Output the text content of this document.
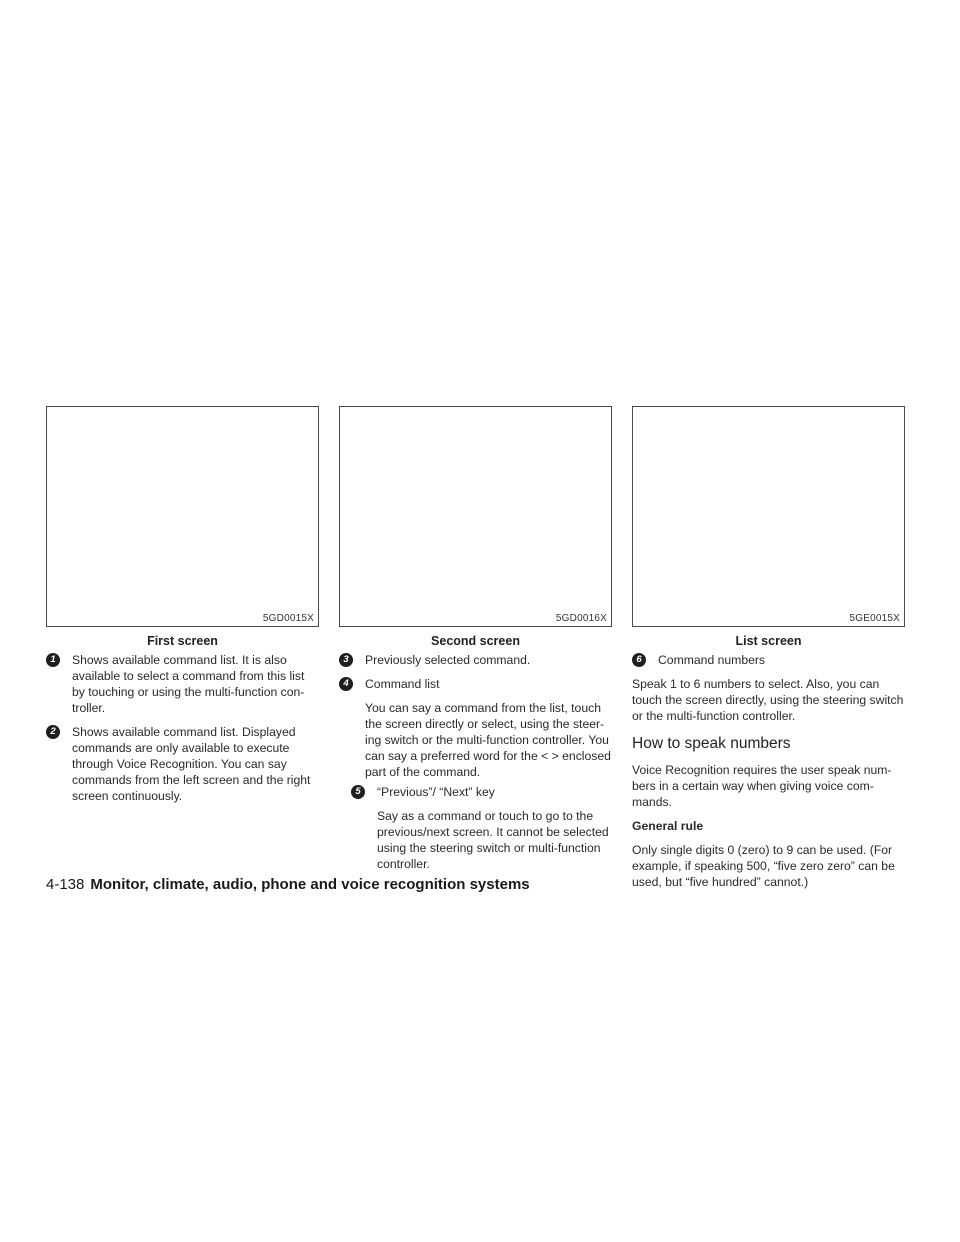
5GD0015X
First screen
1	Shows available command list. It is also available to select a command from this list by touching or using the multi-function con-troller.
2	Shows available command list. Displayed commands are only available to execute through Voice Recognition. You can say commands from the left screen and the right screen continuously.
5GD0016X
Second screen
3	Previously selected command.
4	Command list
You can say a command from the list, touch the screen directly or select, using the steer-ing switch or the multi-function controller. You can say a preferred word for the < > enclosed part of the command.
5	“Previous”/ “Next” key
Say as a command or touch to go to the previous/next screen. It cannot be selected using the steering switch or multi-function controller.
5GE0015X
List screen
6	Command numbers
Speak 1 to 6 numbers to select. Also, you can touch the screen directly, using the steering switch or the multi-function controller.
How to speak numbers
Voice Recognition requires the user speak num-bers in a certain way when giving voice com-mands.
General rule
Only single digits 0 (zero) to 9 can be used. (For example, if speaking 500, “five zero zero” can be used, but “five hundred” cannot.)
4-138 Monitor, climate, audio, phone and voice recognition systems
